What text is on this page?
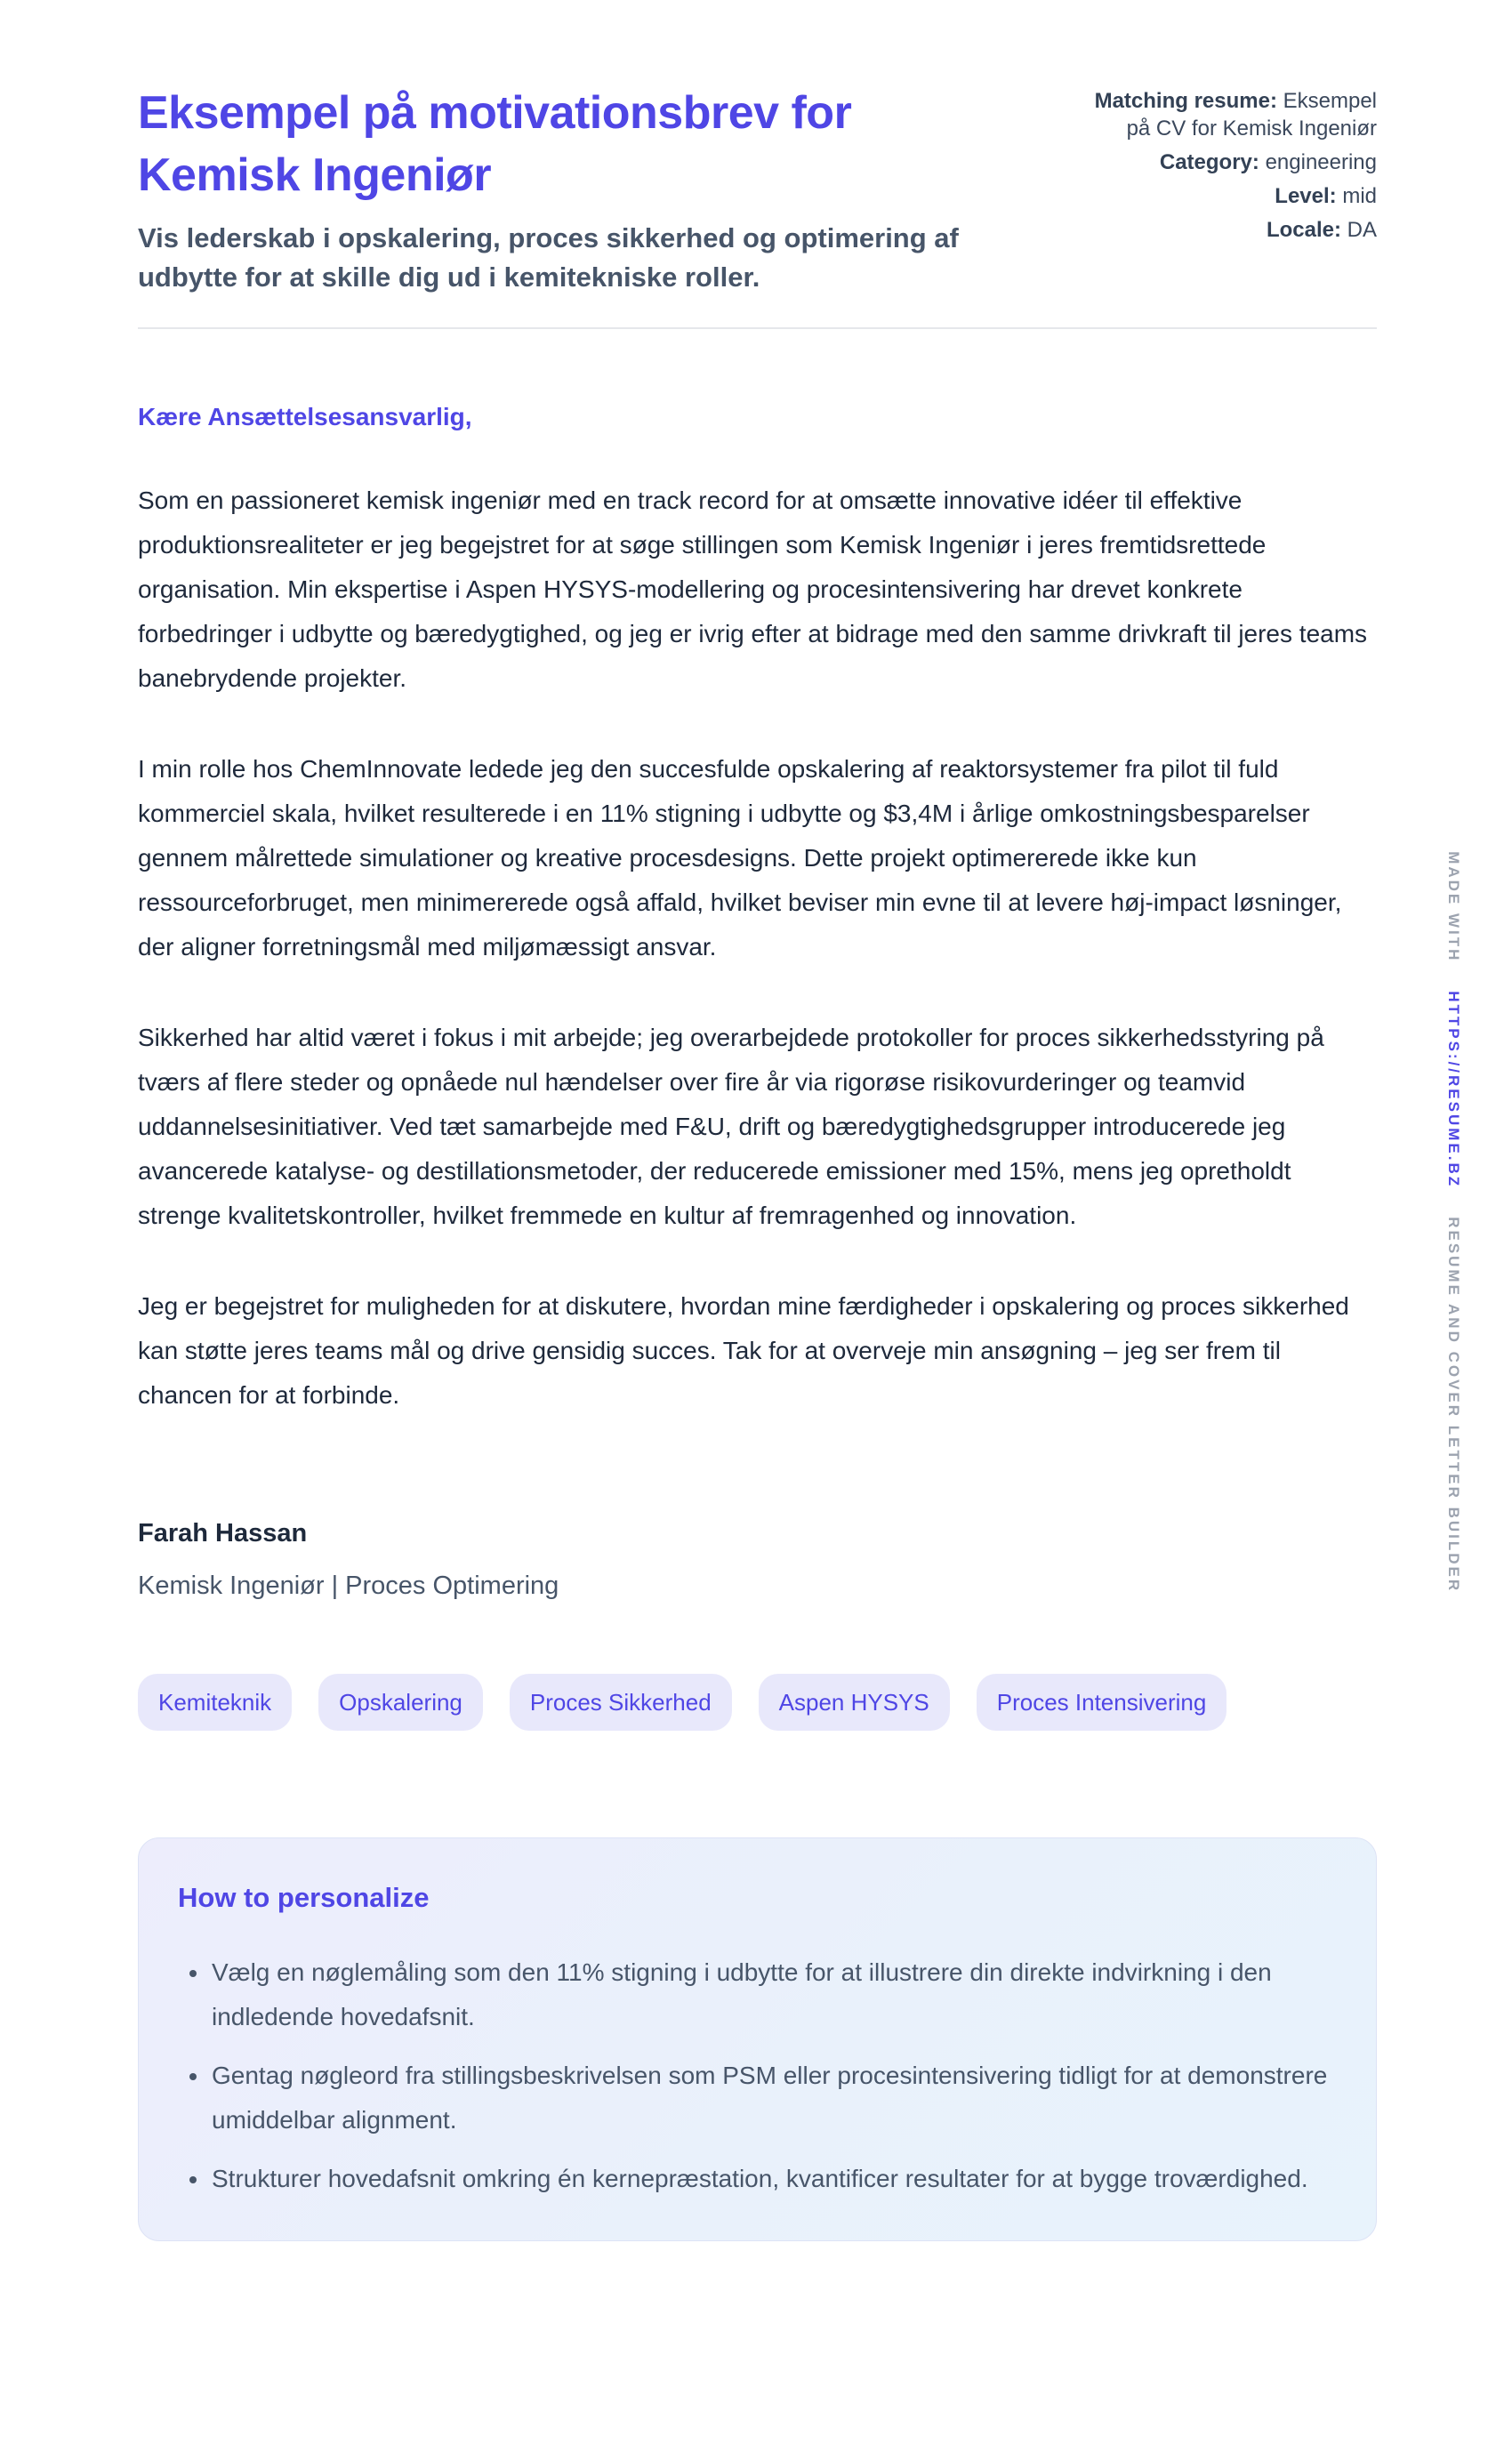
Eksempel på motivationsbrev for Kemisk Ingeniør
Vis lederskab i opskalering, proces sikkerhed og optimering af udbytte for at skille dig ud i kemitekniske roller.
Matching resume: Eksempel på CV for Kemisk Ingeniør
Category: engineering
Level: mid
Locale: DA

Kære Ansættelsesansvarlig,

Som en passioneret kemisk ingeniør med en track record for at omsætte innovative idéer til effektive produktionsrealiteter er jeg begejstret for at søge stillingen som Kemisk Ingeniør i jeres fremtidsrettede organisation. Min ekspertise i Aspen HYSYS-modellering og procesintensivering har drevet konkrete forbedringer i udbytte og bæredygtighed, og jeg er ivrig efter at bidrage med den samme drivkraft til jeres teams banebrydende projekter.

I min rolle hos ChemInnovate ledede jeg den succesfulde opskalering af reaktorsystemer fra pilot til fuld kommerciel skala, hvilket resulterede i en 11% stigning i udbytte og $3,4M i årlige omkostningsbesparelser gennem målrettede simulationer og kreative procesdesigns. Dette projekt optimererede ikke kun ressourceforbruget, men minimererede også affald, hvilket beviser min evne til at levere høj-impact løsninger, der aligner forretningsmål med miljømæssigt ansvar.

Sikkerhed har altid været i fokus i mit arbejde; jeg overarbejdede protokoller for proces sikkerhedsstyring på tværs af flere steder og opnåede nul hændelser over fire år via rigorøse risikovurderinger og teamvid uddannelsesinitiativer. Ved tæt samarbejde med F&U, drift og bæredygtighedsgrupper introducerede jeg avancerede katalyse- og destillationsmetoder, der reducerede emissioner med 15%, mens jeg opretholdt strenge kvalitetskontroller, hvilket fremmede en kultur af fremragenhed og innovation.

Jeg er begejstret for muligheden for at diskutere, hvordan mine færdigheder i opskalering og proces sikkerhed kan støtte jeres teams mål og drive gensidig succes. Tak for at overveje min ansøgning – jeg ser frem til chancen for at forbinde.

Farah Hassan
Kemisk Ingeniør | Proces Optimering
Kemiteknik	Opskalering	Proces Sikkerhed	Aspen HYSYS	Proces Intensivering
How to personalize
• Vælg en nøglemåling som den 11% stigning i udbytte for at illustrere din direkte indvirkning i den indledende hovedafsnit.
• Gentag nøgleord fra stillingsbeskrivelsen som PSM eller procesintensivering tidligt for at demonstrere umiddelbar alignment.
• Strukturer hovedafsnit omkring én kernepræstation, kvantificer resultater for at bygge troværdighed.
MADE WITH HTTPS://RESUME.BZ RESUME AND COVER LETTER BUILDER
